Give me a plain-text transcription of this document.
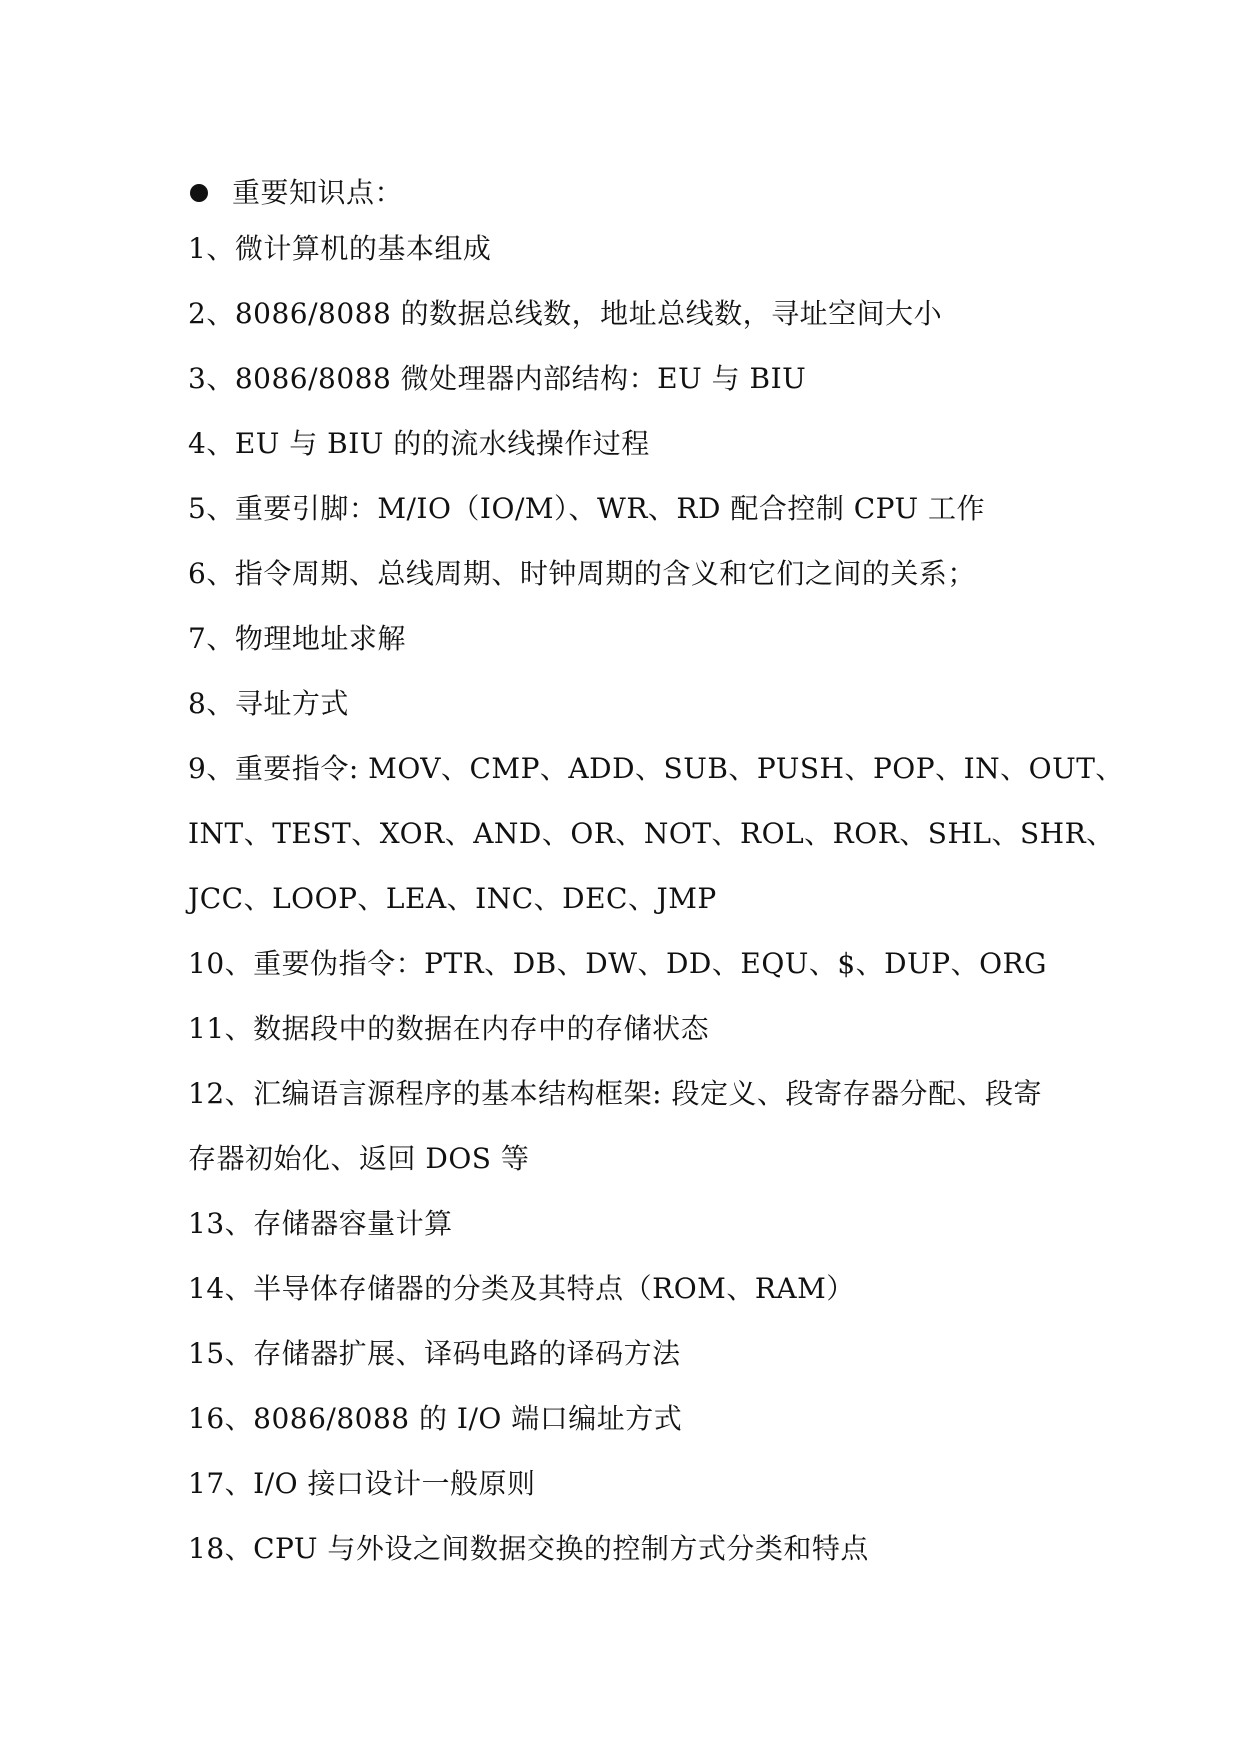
重要知识点：
1、微计算机的基本组成
2、8086/8088 的数据总线数，地址总线数，寻址空间大小
3、8086/8088 微处理器内部结构：EU 与 BIU
4、EU 与 BIU 的的流水线操作过程
5、重要引脚：M/IO（IO/M）、WR、RD 配合控制 CPU 工作
6、指令周期、总线周期、时钟周期的含义和它们之间的关系；
7、物理地址求解
8、寻址方式
9、重要指令: MOV、CMP、ADD、SUB、PUSH、POP、IN、OUT、
INT、TEST、XOR、AND、OR、NOT、ROL、ROR、SHL、SHR、
JCC、LOOP、LEA、INC、DEC、JMP
10、重要伪指令：PTR、DB、DW、DD、EQU、$、DUP、ORG
11、数据段中的数据在内存中的存储状态
12、汇编语言源程序的基本结构框架: 段定义、段寄存器分配、段寄
存器初始化、返回 DOS 等
13、存储器容量计算
14、半导体存储器的分类及其特点（ROM、RAM）
15、存储器扩展、译码电路的译码方法
16、8086/8088 的 I/O 端口编址方式
17、I/O 接口设计一般原则
18、CPU 与外设之间数据交换的控制方式分类和特点
